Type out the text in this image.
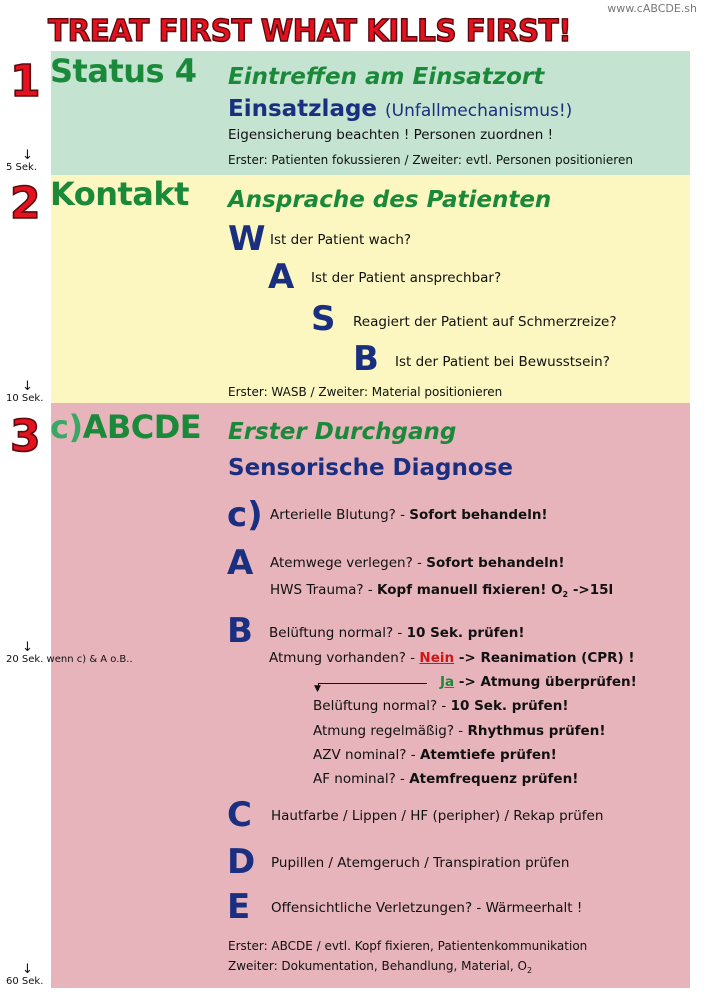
www.cABCDE.sh
TREAT FIRST WHAT KILLS FIRST!
↓
5 Sek.
↓
10 Sek.
↓
20 Sek. wenn c) & A o.B..
↓
60 Sek.
1 Status 4 Eintreffen am Einsatzort
Einsatzlage (Unfallmechanismus!)
Eigensicherung beachten ! Personen zuordnen !
Erster: Patienten fokussieren / Zweiter: evtl. Personen positionieren
2 Kontakt Ansprache des Patienten
W Ist der Patient wach?
A Ist der Patient ansprechbar?
S Reagiert der Patient auf Schmerzreize?
B Ist der Patient bei Bewusstsein?
Erster: WASB / Zweiter: Material positionieren
3 c)ABCDE Erster Durchgang
Sensorische Diagnose
c) Arterielle Blutung? - Sofort behandeln!
A Atemwege verlegen? - Sofort behandeln!
HWS Trauma? - Kopf manuell fixieren! $O_2$ ->15l
B Belüftung normal? - 10 Sek. prüfen!
Atmung vorhanden? - Nein -> Reanimation (CPR) !
▼	Ja -> Atmung überprüfen!
Belüftung normal? - 10 Sek. prüfen!
Atmung regelmäßig? - Rhythmus prüfen!
AZV nominal? - Atemtiefe prüfen!
AF nominal? - Atemfrequenz prüfen!
C Hautfarbe / Lippen / HF (peripher) / Rekap prüfen
D Pupillen / Atemgeruch / Transpiration prüfen
E Offensichtliche Verletzungen? - Wärmeerhalt !
Erster: ABCDE / evtl. Kopf fixieren, Patientenkommunikation
Zweiter: Dokumentation, Behandlung, Material, $O_2$
